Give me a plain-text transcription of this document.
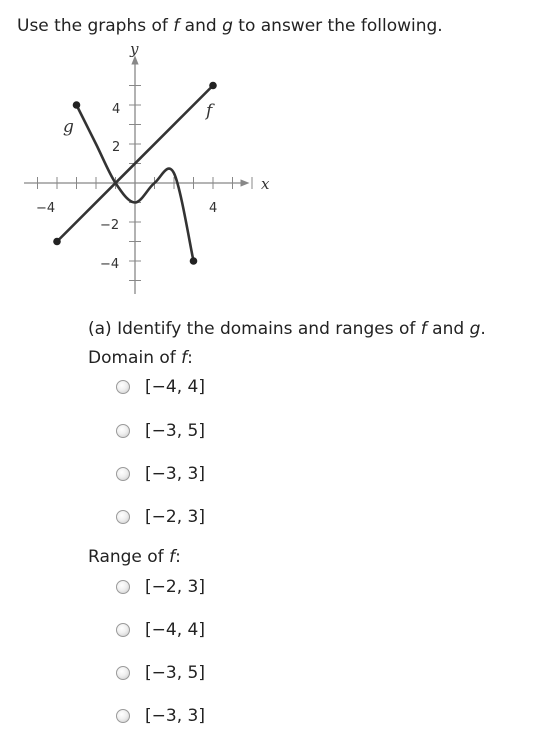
Use the graphs of f and g to answer the following.
y
x
f
g
−4	4
4
2
−2
−4
(a) Identify the domains and ranges of f and g.
Domain of f:
[−4, 4]
[−3, 5]
[−3, 3]
[−2, 3]
Range of f:
[−2, 3]
[−4, 4]
[−3, 5]
[−3, 3]
